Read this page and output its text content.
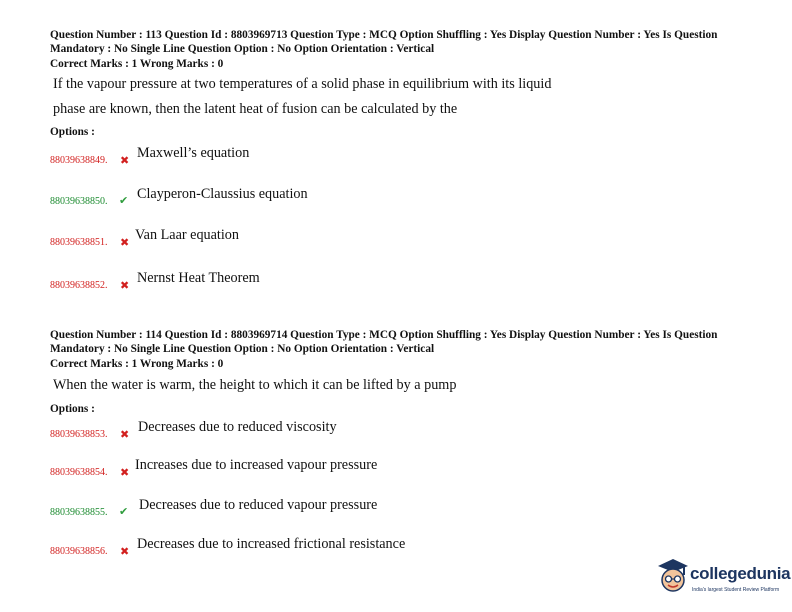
Question Number : 113 Question Id : 8803969713 Question Type : MCQ Option Shuffling : Yes Display Question Number : Yes Is Question
Mandatory : No Single Line Question Option : No Option Orientation : Vertical
Correct Marks : 1 Wrong Marks : 0
If the vapour pressure at two temperatures of a solid phase in equilibrium with its liquid
phase are known, then the latent heat of fusion can be calculated by the
Options :
88039638849. ✖ Maxwell’s equation
88039638850. ✔ Clayperon-Claussius equation
88039638851. ✖ Van Laar equation
88039638852. ✖ Nernst Heat Theorem
Question Number : 114 Question Id : 8803969714 Question Type : MCQ Option Shuffling : Yes Display Question Number : Yes Is Question
Mandatory : No Single Line Question Option : No Option Orientation : Vertical
Correct Marks : 1 Wrong Marks : 0
When the water is warm, the height to which it can be lifted by a pump
Options :
88039638853. ✖ Decreases due to reduced viscosity
88039638854. ✖ Increases due to increased vapour pressure
88039638855. ✔ Decreases due to reduced vapour pressure
88039638856. ✖ Decreases due to increased frictional resistance
collegedunia
India's largest Student Review Platform
